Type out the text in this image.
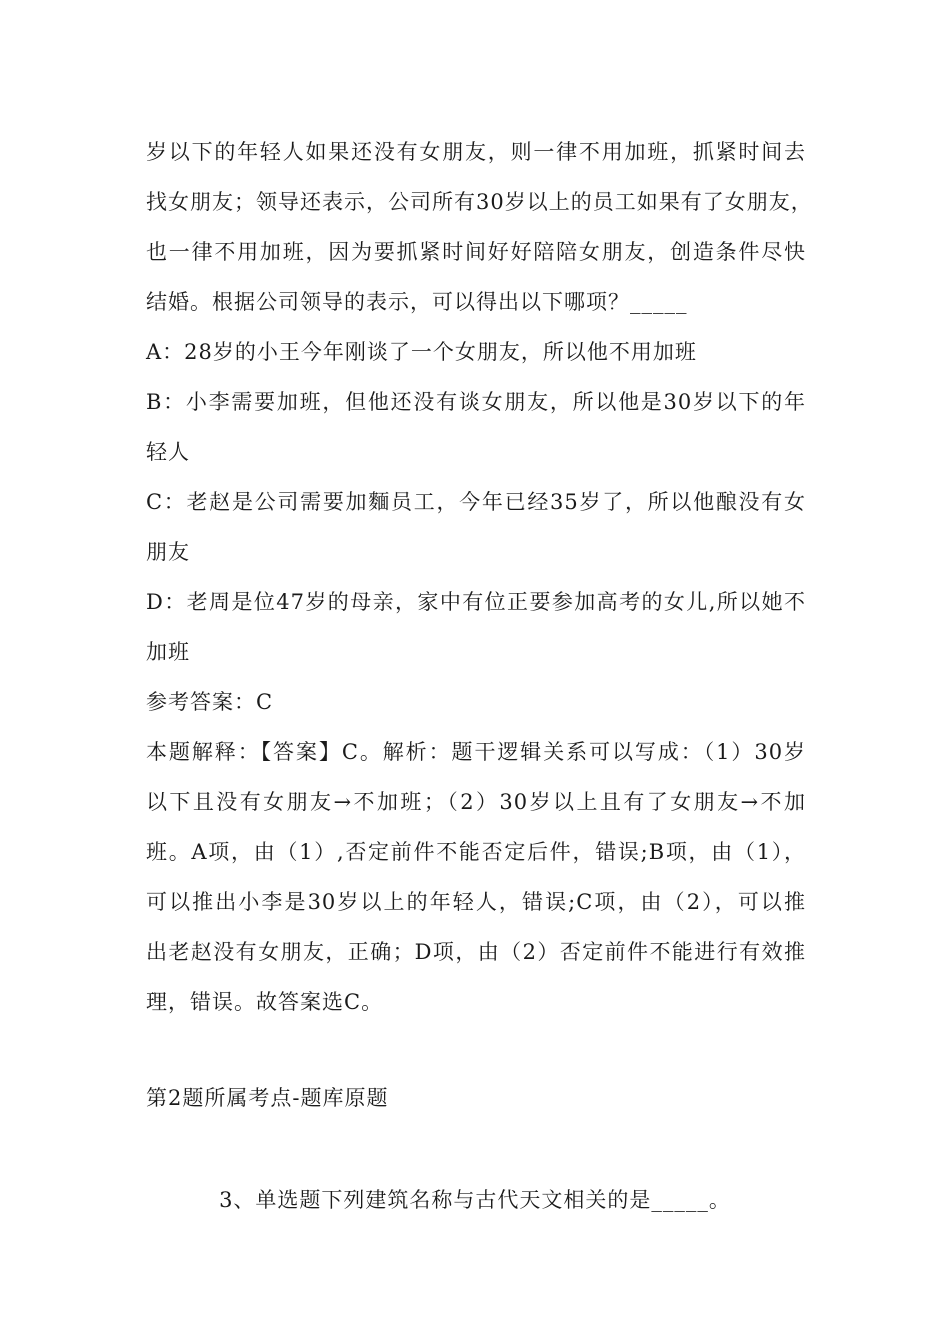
岁以下的年轻人如果还没有女朋友，则一律不用加班，抓紧时间去
找女朋友；领导还表示，公司所有30岁以上的员工如果有了女朋友，
也一律不用加班，因为要抓紧时间好好陪陪女朋友，创造条件尽快
结婚。根据公司领导的表示，可以得出以下哪项？_____
A：28岁的小王今年刚谈了一个女朋友，所以他不用加班
B：小李需要加班，但他还没有谈女朋友，所以他是30岁以下的年
轻人
C：老赵是公司需要加麵员工，今年已经35岁了，所以他酿没有女
朋友
D：老周是位47岁的母亲，家中有位正要参加高考的女儿,所以她不
加班
参考答案：C
本题解释：【答案】C。解析：题干逻辑关系可以写成：（1）30岁
以下且没有女朋友→不加班；（2）30岁以上且有了女朋友→不加
班。A项，由（1）,否定前件不能否定后件，错误;B项，由（1），
可以推出小李是30岁以上的年轻人，错误;C项，由（2），可以推
出老赵没有女朋友，正确；D项，由（2）否定前件不能进行有效推
理，错误。故答案选C。
第2题所属考点-题库原题
3、单选题下列建筑名称与古代天文相关的是_____。
